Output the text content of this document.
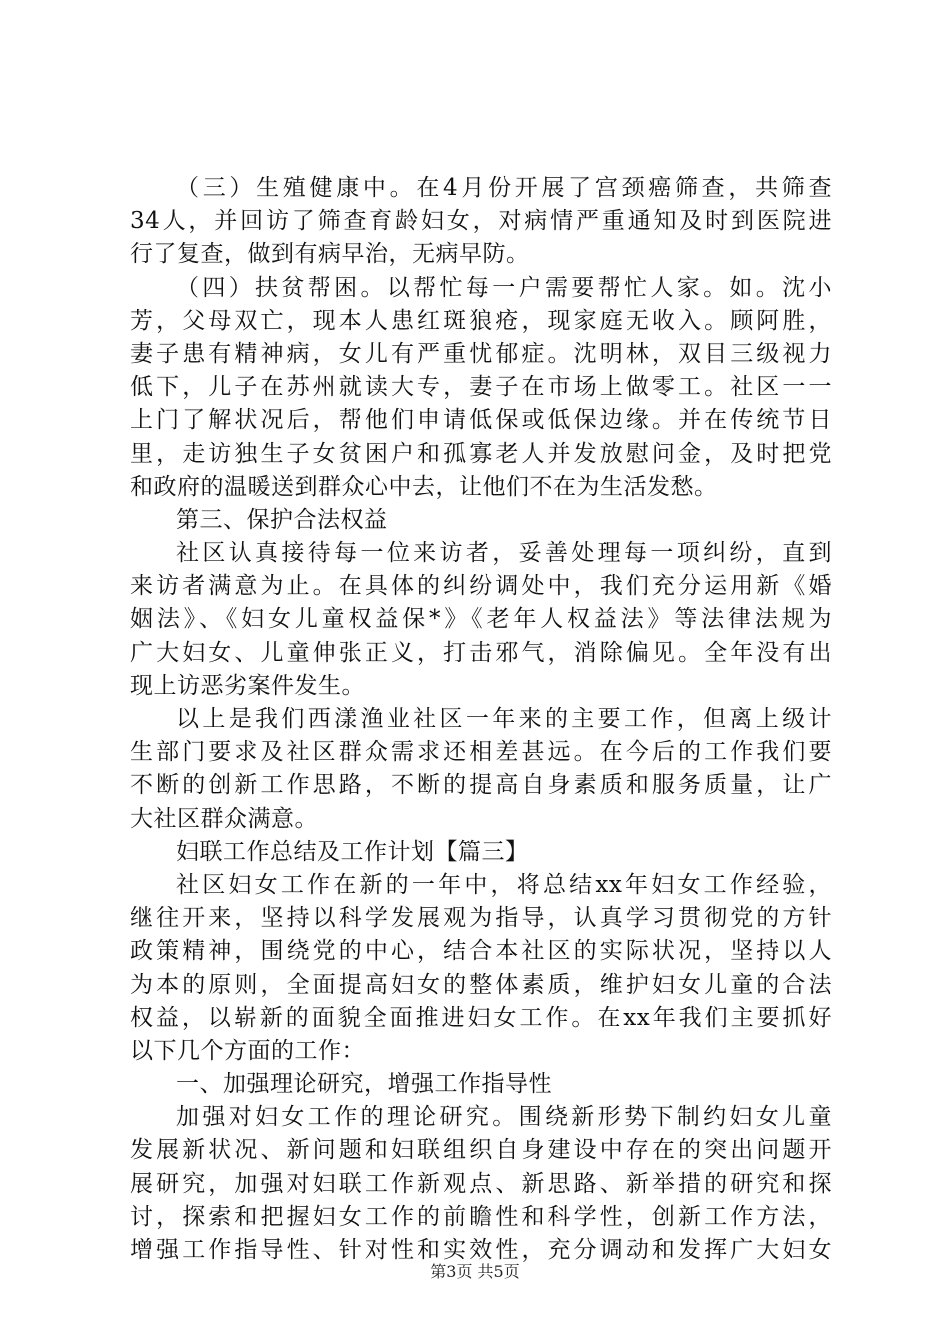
（三）生殖健康中。在4月份开展了宫颈癌筛查，共筛查
34人，并回访了筛查育龄妇女，对病情严重通知及时到医院进
行了复查，做到有病早治，无病早防。
（四）扶贫帮困。以帮忙每一户需要帮忙人家。如。沈小
芳，父母双亡，现本人患红斑狼疮，现家庭无收入。顾阿胜，
妻子患有精神病，女儿有严重忧郁症。沈明林，双目三级视力
低下，儿子在苏州就读大专，妻子在市场上做零工。社区一一
上门了解状况后，帮他们申请低保或低保边缘。并在传统节日
里，走访独生子女贫困户和孤寡老人并发放慰问金，及时把党
和政府的温暖送到群众心中去，让他们不在为生活发愁。
第三、保护合法权益
社区认真接待每一位来访者，妥善处理每一项纠纷，直到
来访者满意为止。在具体的纠纷调处中，我们充分运用新《婚
姻法》、《妇女儿童权益保*》《老年人权益法》等法律法规为
广大妇女、儿童伸张正义，打击邪气，消除偏见。全年没有出
现上访恶劣案件发生。
以上是我们西漾渔业社区一年来的主要工作，但离上级计
生部门要求及社区群众需求还相差甚远。在今后的工作我们要
不断的创新工作思路，不断的提高自身素质和服务质量，让广
大社区群众满意。
妇联工作总结及工作计划【篇三】
社区妇女工作在新的一年中，将总结xx年妇女工作经验，
继往开来，坚持以科学发展观为指导，认真学习贯彻党的方针
政策精神，围绕党的中心，结合本社区的实际状况，坚持以人
为本的原则，全面提高妇女的整体素质，维护妇女儿童的合法
权益，以崭新的面貌全面推进妇女工作。在xx年我们主要抓好
以下几个方面的工作：
一、加强理论研究，增强工作指导性
加强对妇女工作的理论研究。围绕新形势下制约妇女儿童
发展新状况、新问题和妇联组织自身建设中存在的突出问题开
展研究，加强对妇联工作新观点、新思路、新举措的研究和探
讨，探索和把握妇女工作的前瞻性和科学性，创新工作方法，
增强工作指导性、针对性和实效性，充分调动和发挥广大妇女
第3页 共5页
